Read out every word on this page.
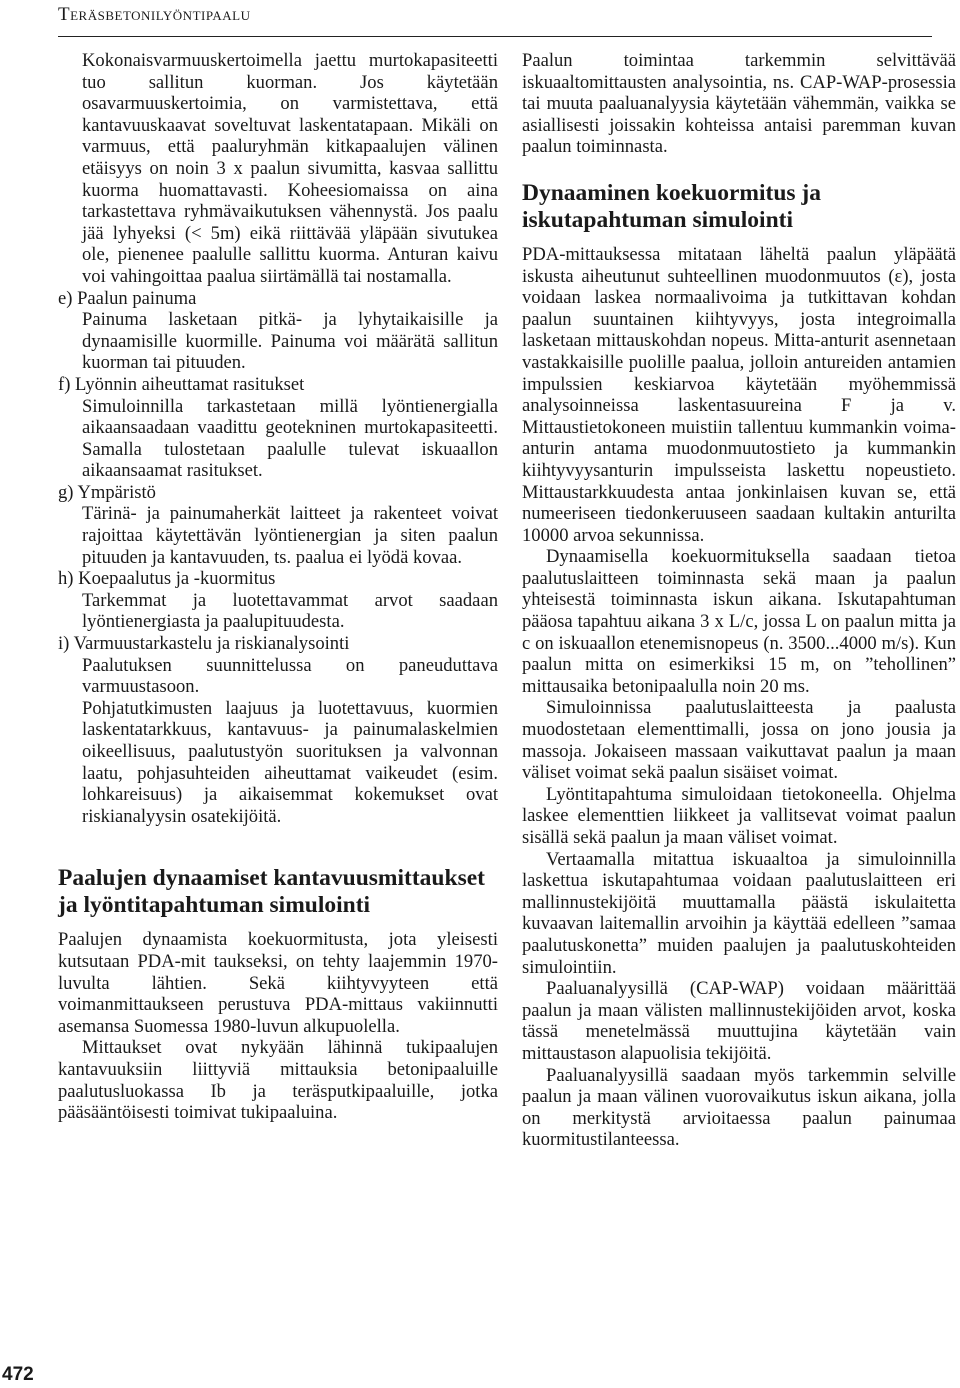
Teräsbetonilyöntipaalu
472

Kokonaisvarmuuskertoimella jaettu murtokapasiteetti tuo sallitun kuorman. Jos käytetään osavarmuuskertoimia, on varmistettava, että kantavuuskaavat soveltuvat laskentatapaan. Mikäli on varmuus, että paaluryhmän kitkapaalujen välinen etäisyys on noin 3 x paalun sivumitta, kasvaa sallittu kuorma huomattavasti. Koheesiomaissa on aina tarkastettava ryhmävaikutuksen vähennystä. Jos paalu jää lyhyeksi (< 5m) eikä riittävää yläpään sivutukea ole, pienenee paalulle sallittu kuorma. Anturan kaivu voi vahingoittaa paalua siirtämällä tai nostamalla.

e) Paalun painuma

Painuma lasketaan pitkä- ja lyhytaikaisille ja dynaamisille kuormille. Painuma voi määrätä sallitun kuorman tai pituuden.

f) Lyönnin aiheuttamat rasitukset

Simuloinnilla tarkastetaan millä lyöntienergialla aikaansaadaan vaadittu geotekninen murtokapasiteetti. Samalla tulostetaan paalulle tulevat iskuaallon aikaansaamat rasitukset.

g) Ympäristö

Tärinä- ja painumaherkät laitteet ja rakenteet voivat rajoittaa käytettävän lyöntienergian ja siten paalun pituuden ja kantavuuden, ts. paalua ei lyödä kovaa.

h) Koepaalutus ja -kuormitus

Tarkemmat ja luotettavammat arvot saadaan lyöntienergiasta ja paalupituudesta.

i) Varmuustarkastelu ja riskianalysointi

Paalutuksen suunnittelussa on paneuduttava varmuustasoon.

Pohjatutkimusten laajuus ja luotettavuus, kuormien laskentatarkkuus, kantavuus- ja painumalaskelmien oikeellisuus, paalutustyön suorituksen ja valvonnan laatu, pohjasuhteiden aiheuttamat vaikeudet (esim. lohkareisuus) ja aikaisemmat kokemukset ovat riskianalyysin osatekijöitä.

Paalujen dynaamiset kantavuusmittaukset ja lyöntitapahtuman simulointi

Paalujen dynaamista koekuormitusta, jota yleisesti kutsutaan PDA-mit taukseksi, on tehty laajemmin 1970-luvulta lähtien. Sekä kiihtyvyyteen että voimanmittaukseen perustuva PDA-mittaus vakiinnutti asemansa Suomessa 1980-luvun alkupuolella.

Mittaukset ovat nykyään lähinnä tukipaalujen kantavuuksiin liittyviä mittauksia betonipaaluille paalutusluokassa Ib ja teräsputkipaaluille, jotka pääsääntöisesti toimivat tukipaaluina.

Paalun toimintaa tarkemmin selvittävää iskuaaltomittausten analysointia, ns. CAP-WAP-prosessia tai muuta paaluanalyysia käytetään vähemmän, vaikka se asiallisesti joissakin kohteissa antaisi paremman kuvan paalun toiminnasta.

Dynaaminen koekuormitus ja iskutapahtuman simulointi

PDA-mittauksessa mitataan läheltä paalun yläpäätä iskusta aiheutunut suhteellinen muodonmuutos (ε), josta voidaan laskea normaalivoima ja tutkittavan kohdan paalun suuntainen kiihtyvyys, josta integroimalla lasketaan mittauskohdan nopeus. Mitta-anturit asennetaan vastakkaisille puolille paalua, jolloin antureiden antamien impulssien keskiarvoa käytetään myöhemmissä analysoinneissa laskentasuureina F ja v. Mittaustietokoneen muistiin tallentuu kummankin voima-anturin antama muodonmuutostieto ja kummankin kiihtyvyysanturin impulsseista laskettu nopeustieto. Mittaustarkkuudesta antaa jonkinlaisen kuvan se, että numeeriseen tiedonkeruuseen saadaan kultakin anturilta 10000 arvoa sekunnissa.

Dynaamisella koekuormituksella saadaan tietoa paalutuslaitteen toiminnasta sekä maan ja paalun yhteisestä toiminnasta iskun aikana. Iskutapahtuman pääosa tapahtuu aikana 3 x L/c, jossa L on paalun mitta ja c on iskuaallon etenemisnopeus (n. 3500...4000 m/s). Kun paalun mitta on esimerkiksi 15 m, on ”tehollinen” mittausaika betonipaalulla noin 20 ms.

Simuloinnissa paalutuslaitteesta ja paalusta muodostetaan elementtimalli, jossa on jono jousia ja massoja. Jokaiseen massaan vaikuttavat paalun ja maan väliset voimat sekä paalun sisäiset voimat.

Lyöntitapahtuma simuloidaan tietokoneella. Ohjelma laskee elementtien liikkeet ja vallitsevat voimat paalun sisällä sekä paalun ja maan väliset voimat.

Vertaamalla mitattua iskuaaltoa ja simuloinnilla laskettua iskutapahtumaa voidaan paalutuslaitteen eri mallinnustekijöitä muuttamalla päästä iskulaitetta kuvaavan laitemallin arvoihin ja käyttää edelleen ”samaa paalutuskonetta” muiden paalujen ja paalutuskohteiden simulointiin.

Paaluanalyysillä (CAP-WAP) voidaan määrittää paalun ja maan välisten mallinnustekijöiden arvot, koska tässä menetelmässä muuttujina käytetään vain mittaustason alapuolisia tekijöitä.

Paaluanalyysillä saadaan myös tarkemmin selville paalun ja maan välinen vuorovaikutus iskun aikana, jolla on merkitystä arvioitaessa paalun painumaa kuormitustilanteessa.
